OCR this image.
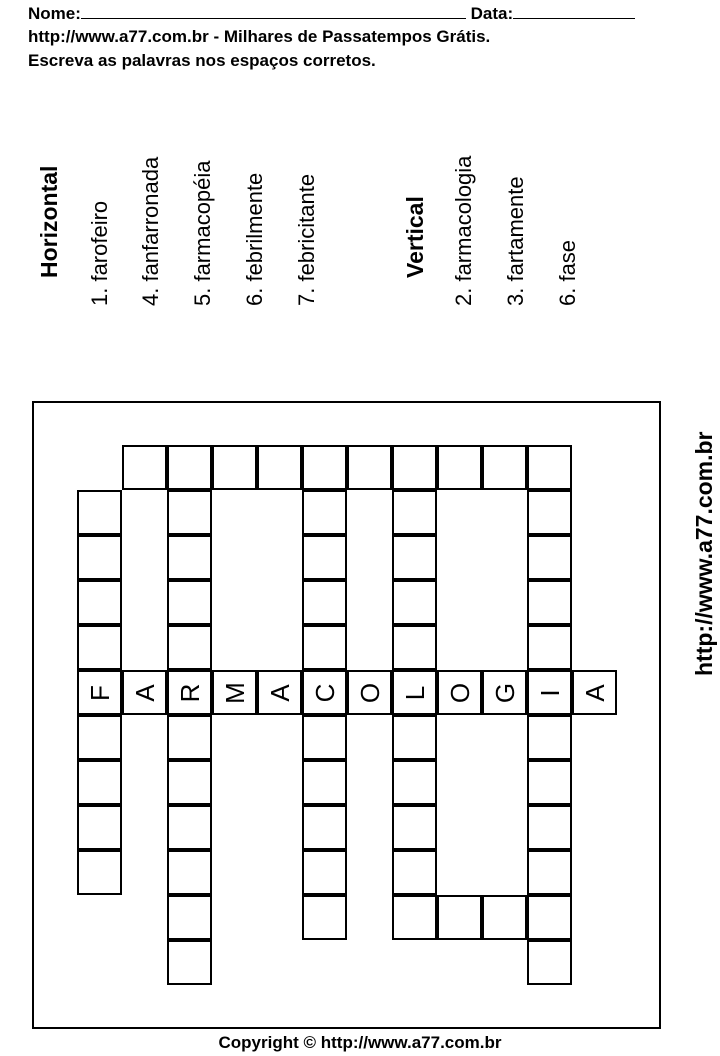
Nome:	Data:
http://www.a77.com.br - Milhares de Passatempos Grátis.
Escreva as palavras nos espaços corretos.
Horizontal 1. farofeiro 4. fanfarronada 5. farmacopéia 6. febrilmente 7. febricitante	Vertical 2. farmacologia 3. fartamente 6. fase
http://www.a77.com.br
F R	C L	I
A M A O O G A
Copyright © http://www.a77.com.br
